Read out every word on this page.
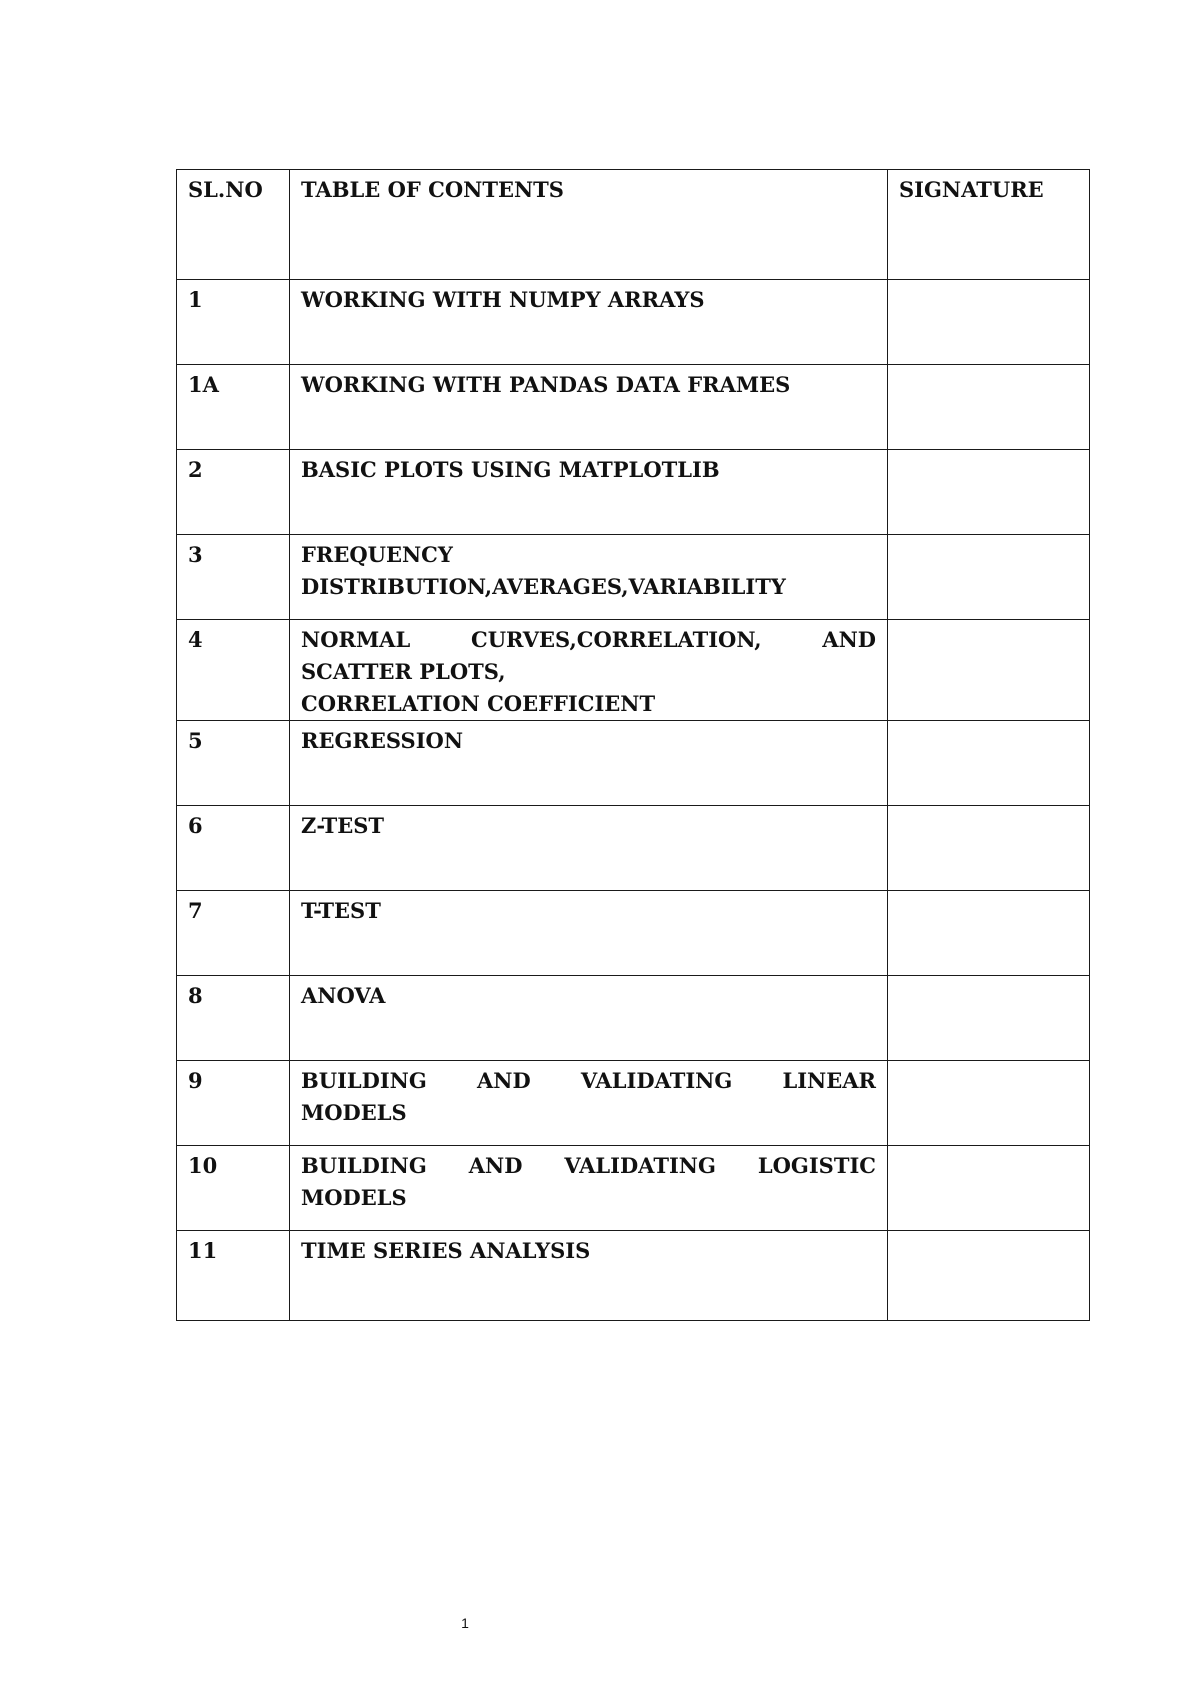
SL.NO	TABLE OF CONTENTS	SIGNATURE
1	WORKING WITH NUMPY ARRAYS	

1A	WORKING WITH PANDAS DATA FRAMES	

2	BASIC PLOTS USING MATPLOTLIB	

3	FREQUENCY
DISTRIBUTION,AVERAGES,VARIABILITY	

4	NORMAL CURVES,CORRELATION, AND
SCATTER PLOTS,
CORRELATION COEFFICIENT	

5	REGRESSION	

6	Z-TEST	

7	T-TEST	

8	ANOVA	

9	BUILDING AND VALIDATING LINEAR
MODELS	

10	BUILDING AND VALIDATING LOGISTIC
MODELS	

11	TIME SERIES ANALYSIS	

1
